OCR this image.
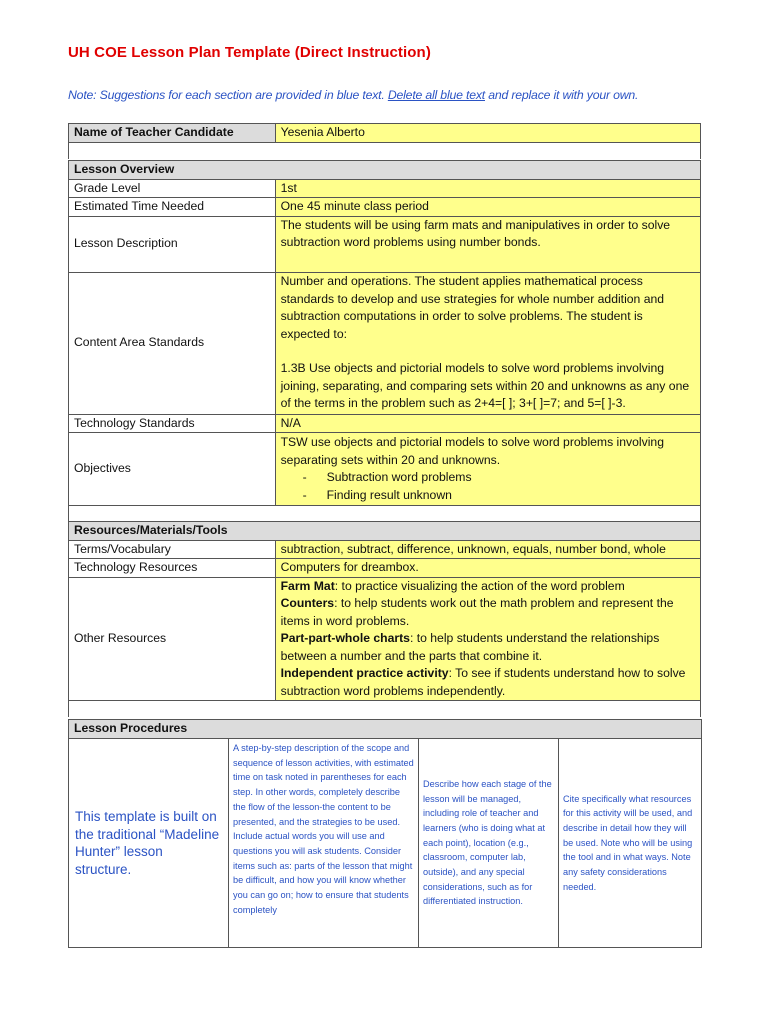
UH COE Lesson Plan Template (Direct Instruction)
Note: Suggestions for each section are provided in blue text. Delete all blue text and replace it with your own.
Name of Teacher Candidate	Yesenia Alberto

Lesson Overview	
Grade Level	1st
Estimated Time Needed	One 45 minute class period
Lesson Description	The students will be using farm mats and manipulatives in order to solve subtraction word problems using number bonds.
Content Area Standards	Number and operations. The student applies mathematical process standards to develop and use strategies for whole number addition and subtraction computations in order to solve problems. The student is expected to:
1.3B Use objects and pictorial models to solve word problems involving joining, separating, and comparing sets within 20 and unknowns as any one of the terms in the problem such as 2+4=[ ]; 3+[ ]=7; and 5=[ ]-3.

Technology Standards	N/A
Objectives	TSW use objects and pictorial models to solve word problems involving separating sets within 20 and unknowns.
- Subtraction word problems
- Finding result unknown

Resources/Materials/Tools	
Terms/Vocabulary	subtraction, subtract, difference, unknown, equals, number bond, whole
Technology Resources	Computers for dreambox.
Other Resources	Farm Mat: to practice visualizing the action of the word problem
Counters: to help students work out the math problem and represent the items in word problems.
Part-part-whole charts: to help students understand the relationships between a number and the parts that combine it.
Independent practice activity: To see if students understand how to solve subtraction word problems independently.

Lesson Procedures
This template is built on the traditional “Madeline Hunter” lesson structure.	A step-by-step description of the scope and sequence of lesson activities, with estimated time on task noted in parentheses for each step. In other words, completely describe the flow of the lesson-the content to be presented, and the strategies to be used. Include actual words you will use and questions you will ask students. Consider items such as: parts of the lesson that might be difficult, and how you will know whether you can go on; how to ensure that students completely	Describe how each stage of the lesson will be managed, including role of teacher and learners (who is doing what at each point), location (e.g., classroom, computer lab, outside), and any special considerations, such as for differentiated instruction.	Cite specifically what resources for this activity will be used, and describe in detail how they will be used. Note who will be using the tool and in what ways. Note any safety considerations needed.
